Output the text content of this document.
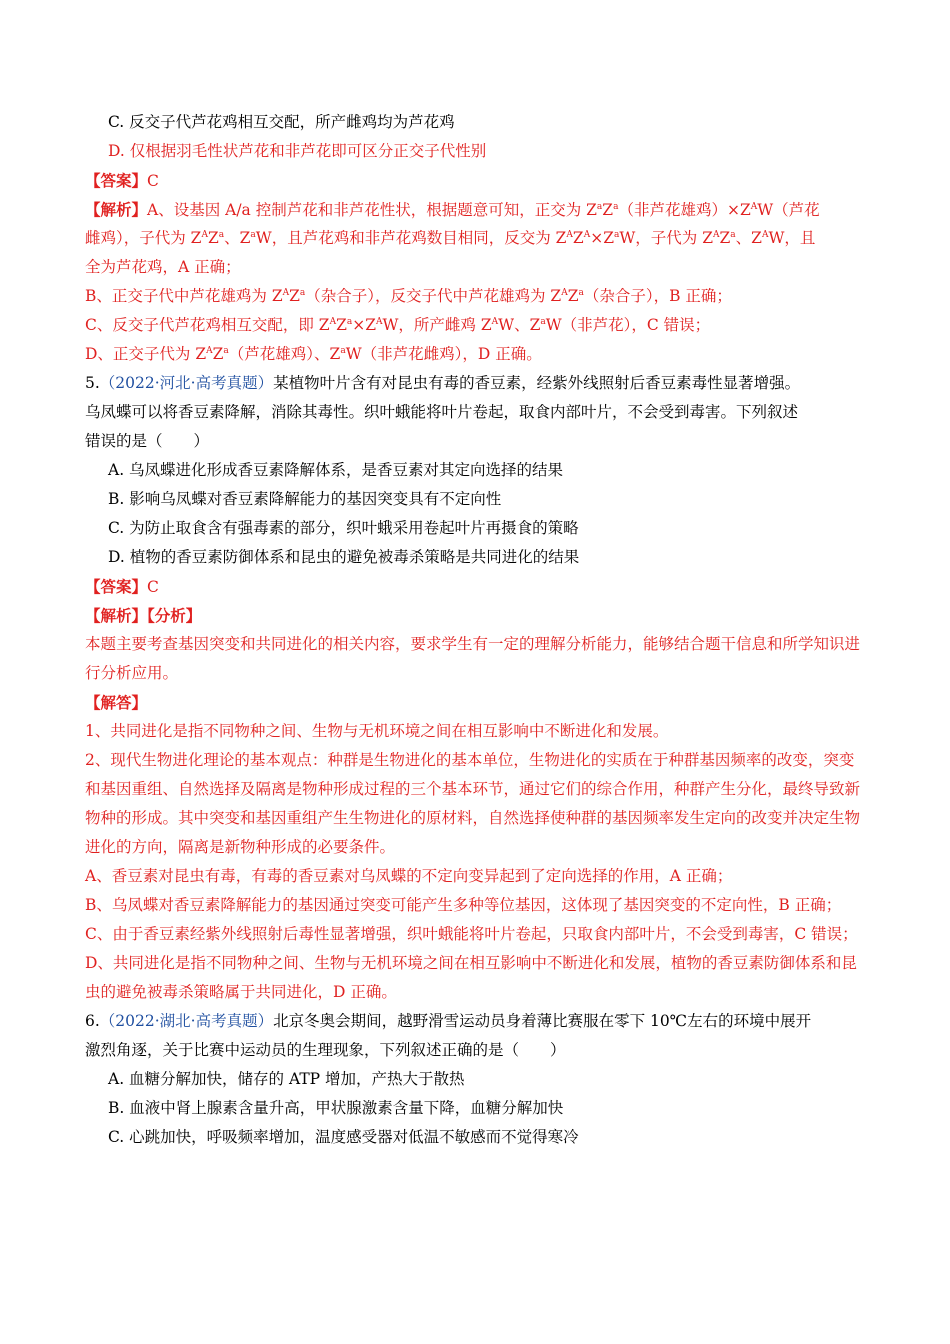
C. 反交子代芦花鸡相互交配，所产雌鸡均为芦花鸡
D. 仅根据羽毛性状芦花和非芦花即可区分正交子代性别
【答案】C
【解析】A、设基因 A/a 控制芦花和非芦花性状，根据题意可知，正交为 $Z^aZ^a$（非芦花雄鸡）$\times Z^AW$（芦花
雌鸡），子代为 $Z^AZ^a$、$Z^aW$，且芦花鸡和非芦花鸡数目相同，反交为 $Z^AZ^A\times Z^aW$，子代为 $Z^AZ^a$、$Z^AW$，且
全为芦花鸡，A 正确；
B、正交子代中芦花雄鸡为 $Z^AZ^a$（杂合子），反交子代中芦花雄鸡为 $Z^AZ^a$（杂合子），B 正确；
C、反交子代芦花鸡相互交配，即 $Z^AZ^a\times Z^AW$，所产雌鸡 $Z^AW$、$Z^aW$（非芦花），C 错误；
D、正交子代为 $Z^AZ^a$（芦花雄鸡）、$Z^aW$（非芦花雌鸡），D 正确。
5.（2022·河北·高考真题）某植物叶片含有对昆虫有毒的香豆素，经紫外线照射后香豆素毒性显著增强。
乌凤蝶可以将香豆素降解，消除其毒性。织叶蛾能将叶片卷起，取食内部叶片，不会受到毒害。下列叙述
错误的是（　　）
A. 乌凤蝶进化形成香豆素降解体系，是香豆素对其定向选择的结果
B. 影响乌凤蝶对香豆素降解能力的基因突变具有不定向性
C. 为防止取食含有强毒素的部分，织叶蛾采用卷起叶片再摄食的策略
D. 植物的香豆素防御体系和昆虫的避免被毒杀策略是共同进化的结果
【答案】C
【解析】【分析】
本题主要考查基因突变和共同进化的相关内容，要求学生有一定的理解分析能力，能够结合题干信息和所学知识进行分析应用。
【解答】
1、共同进化是指不同物种之间、生物与无机环境之间在相互影响中不断进化和发展。
2、现代生物进化理论的基本观点：种群是生物进化的基本单位，生物进化的实质在于种群基因频率的改变，突变和基因重组、自然选择及隔离是物种形成过程的三个基本环节，通过它们的综合作用，种群产生分化，最终导致新物种的形成。其中突变和基因重组产生生物进化的原材料，自然选择使种群的基因频率发生定向的改变并决定生物进化的方向，隔离是新物种形成的必要条件。
A、香豆素对昆虫有毒，有毒的香豆素对乌凤蝶的不定向变异起到了定向选择的作用，A 正确；
B、乌凤蝶对香豆素降解能力的基因通过突变可能产生多种等位基因，这体现了基因突变的不定向性，B 正确；
C、由于香豆素经紫外线照射后毒性显著增强，织叶蛾能将叶片卷起，只取食内部叶片，不会受到毒害，C 错误；
D、共同进化是指不同物种之间、生物与无机环境之间在相互影响中不断进化和发展，植物的香豆素防御体系和昆虫的避免被毒杀策略属于共同进化，D 正确。
6.（2022·湖北·高考真题）北京冬奥会期间，越野滑雪运动员身着薄比赛服在零下 10℃左右的环境中展开
激烈角逐，关于比赛中运动员的生理现象，下列叙述正确的是（　　）
A. 血糖分解加快，储存的 ATP 增加，产热大于散热
B. 血液中肾上腺素含量升高，甲状腺激素含量下降，血糖分解加快
C. 心跳加快，呼吸频率增加，温度感受器对低温不敏感而不觉得寒冷
